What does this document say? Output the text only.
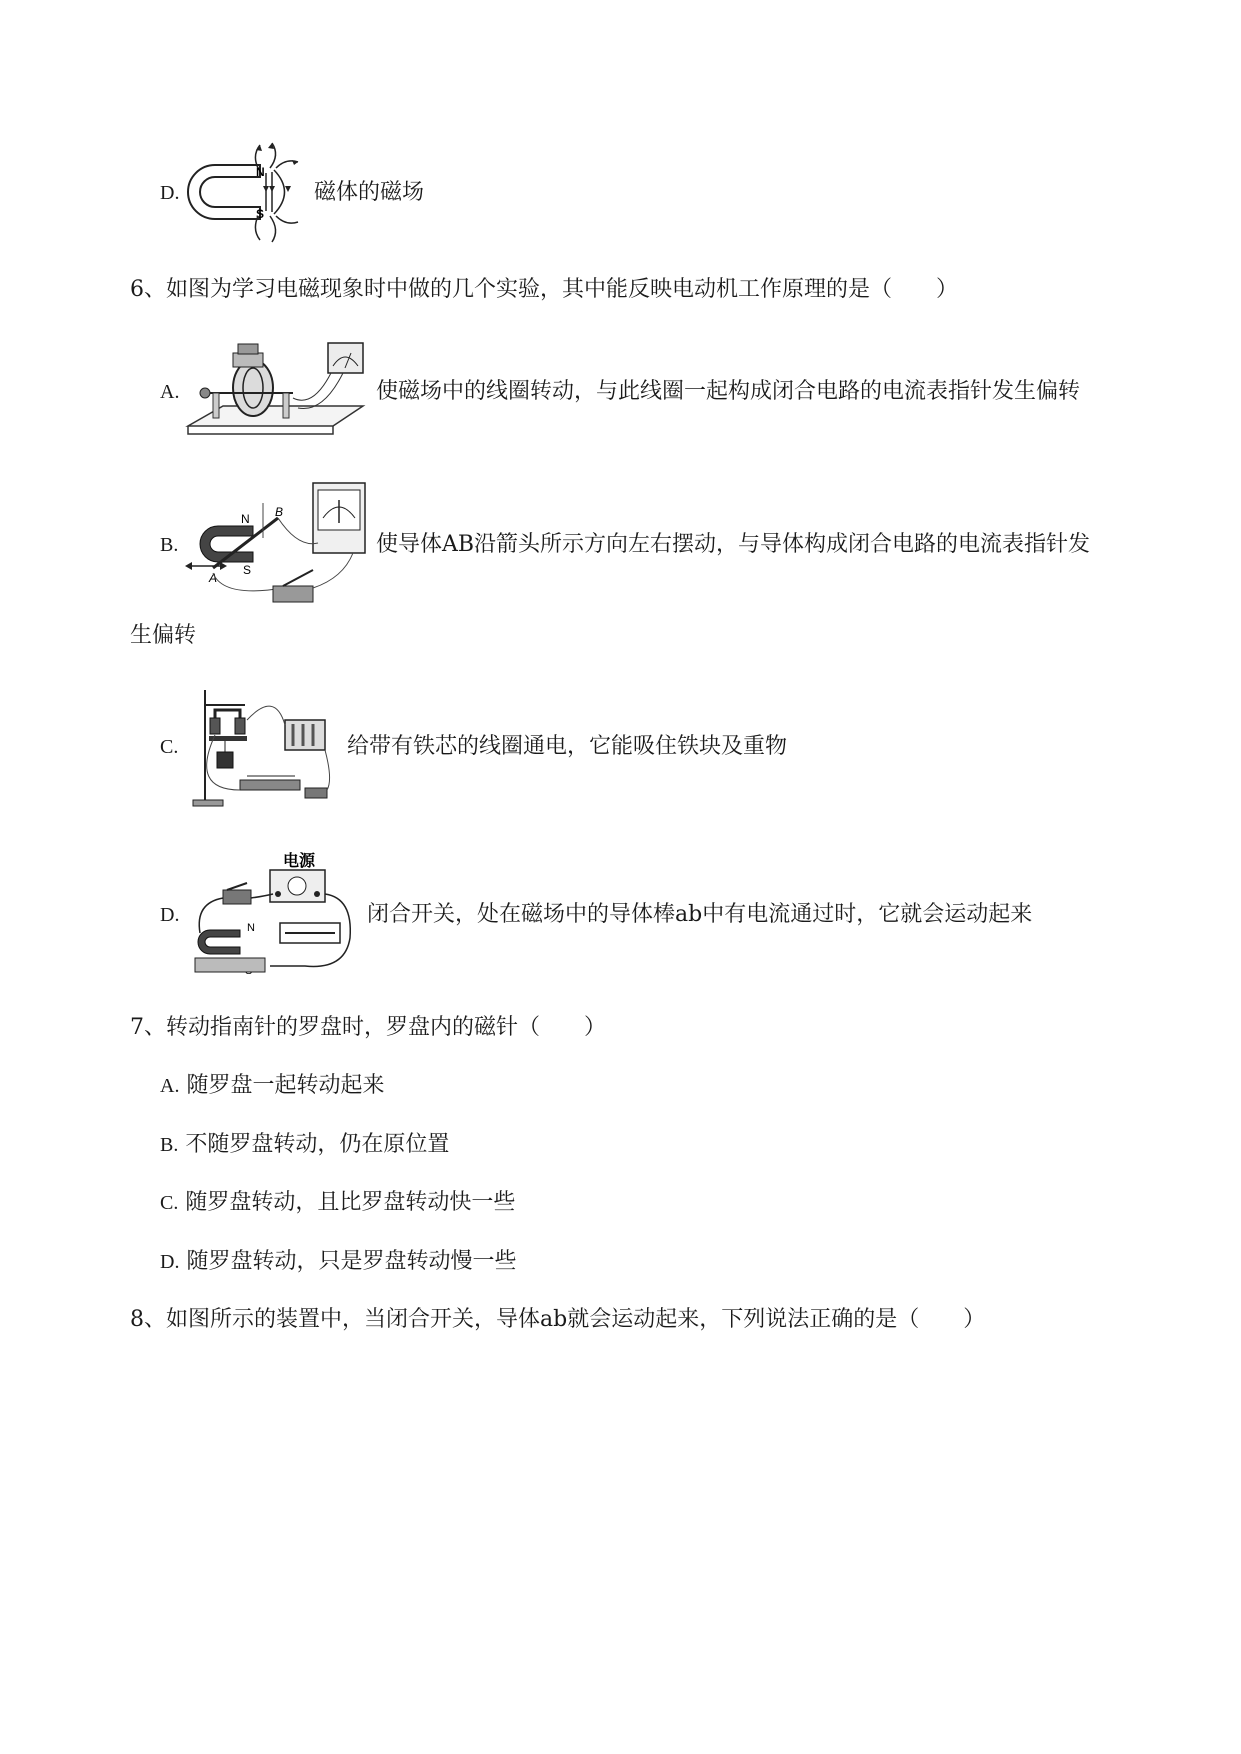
D.
N
S
磁体的磁场
6、如图为学习电磁现象时中做的几个实验，其中能反映电动机工作原理的是（　　）
A.	使磁场中的线圈转动，与此线圈一起构成闭合电路的电流表指针发生偏转
B.
N
S
B
A
使导体AB沿箭头所示方向左右摆动，与导体构成闭合电路的电流表指针发
生偏转
C.	给带有铁芯的线圈通电，它能吸住铁块及重物
D.
电源
N
闭合开关，处在磁场中的导体棒ab中有电流通过时，它就会运动起来
7、转动指南针的罗盘时，罗盘内的磁针（　　）
A. 随罗盘一起转动起来
B. 不随罗盘转动，仍在原位置
C. 随罗盘转动，且比罗盘转动快一些
D. 随罗盘转动，只是罗盘转动慢一些
8、如图所示的装置中，当闭合开关，导体ab就会运动起来，下列说法正确的是（　　）
